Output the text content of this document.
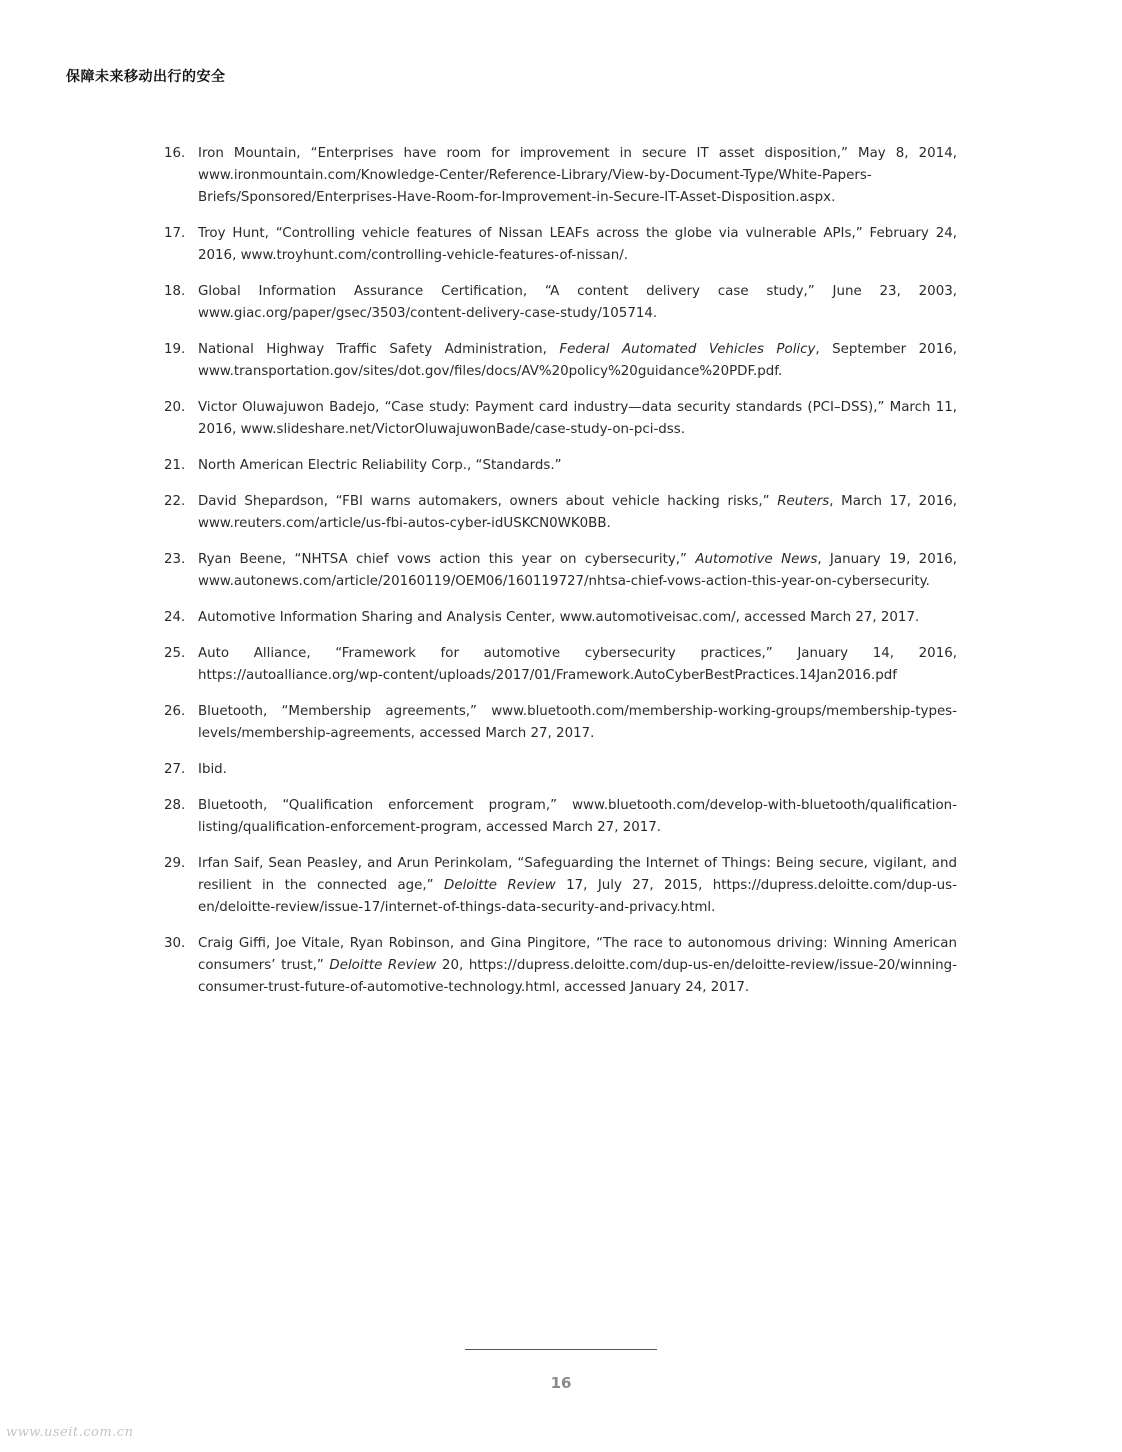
保障未来移动出行的安全
16. Iron Mountain, “Enterprises have room for improvement in secure IT asset disposition,” May 8, 2014, www.ironmountain.com/Knowledge-Center/Reference-Library/View-by-Document-Type/White-Papers-Briefs/Sponsored/Enterprises-Have-Room-for-Improvement-in-Secure-IT-Asset-Disposition.aspx.
17. Troy Hunt, “Controlling vehicle features of Nissan LEAFs across the globe via vulnerable APIs,” February 24, 2016, www.troyhunt.com/controlling-vehicle-features-of-nissan/.
18. Global Information Assurance Certification, “A content delivery case study,” June 23, 2003, www.giac.org/paper/gsec/3503/content-delivery-case-study/105714.
19. National Highway Traffic Safety Administration, Federal Automated Vehicles Policy, September 2016, www.transportation.gov/sites/dot.gov/files/docs/AV%20policy%20guidance%20PDF.pdf.
20. Victor Oluwajuwon Badejo, “Case study: Payment card industry—data security standards (PCI–DSS),” March 11, 2016, www.slideshare.net/VictorOluwajuwonBade/case-study-on-pci-dss.
21. North American Electric Reliability Corp., “Standards.”
22. David Shepardson, “FBI warns automakers, owners about vehicle hacking risks,” Reuters, March 17, 2016, www.reuters.com/article/us-fbi-autos-cyber-idUSKCN0WK0BB.
23. Ryan Beene, “NHTSA chief vows action this year on cybersecurity,” Automotive News, January 19, 2016, www.autonews.com/article/20160119/OEM06/160119727/nhtsa-chief-vows-action-this-year-on-cybersecurity.
24. Automotive Information Sharing and Analysis Center, www.automotiveisac.com/, accessed March 27, 2017.
25. Auto Alliance, “Framework for automotive cybersecurity practices,” January 14, 2016, https://autoalliance.org/wp-content/uploads/2017/01/Framework.AutoCyberBestPractices.14Jan2016.pdf
26. Bluetooth, “Membership agreements,” www.bluetooth.com/membership-working-groups/membership-types-levels/membership-agreements, accessed March 27, 2017.
27. Ibid.
28. Bluetooth, “Qualification enforcement program,” www.bluetooth.com/develop-with-bluetooth/qualification-listing/qualification-enforcement-program, accessed March 27, 2017.
29. Irfan Saif, Sean Peasley, and Arun Perinkolam, “Safeguarding the Internet of Things: Being secure, vigilant, and resilient in the connected age,” Deloitte Review 17, July 27, 2015, https://dupress.deloitte.com/dup-us-en/deloitte-review/issue-17/internet-of-things-data-security-and-privacy.html.
30. Craig Giffi, Joe Vitale, Ryan Robinson, and Gina Pingitore, “The race to autonomous driving: Winning American consumers’ trust,” Deloitte Review 20, https://dupress.deloitte.com/dup-us-en/deloitte-review/issue-20/winning-consumer-trust-future-of-automotive-technology.html, accessed January 24, 2017.
16
www.useit.com.cn
